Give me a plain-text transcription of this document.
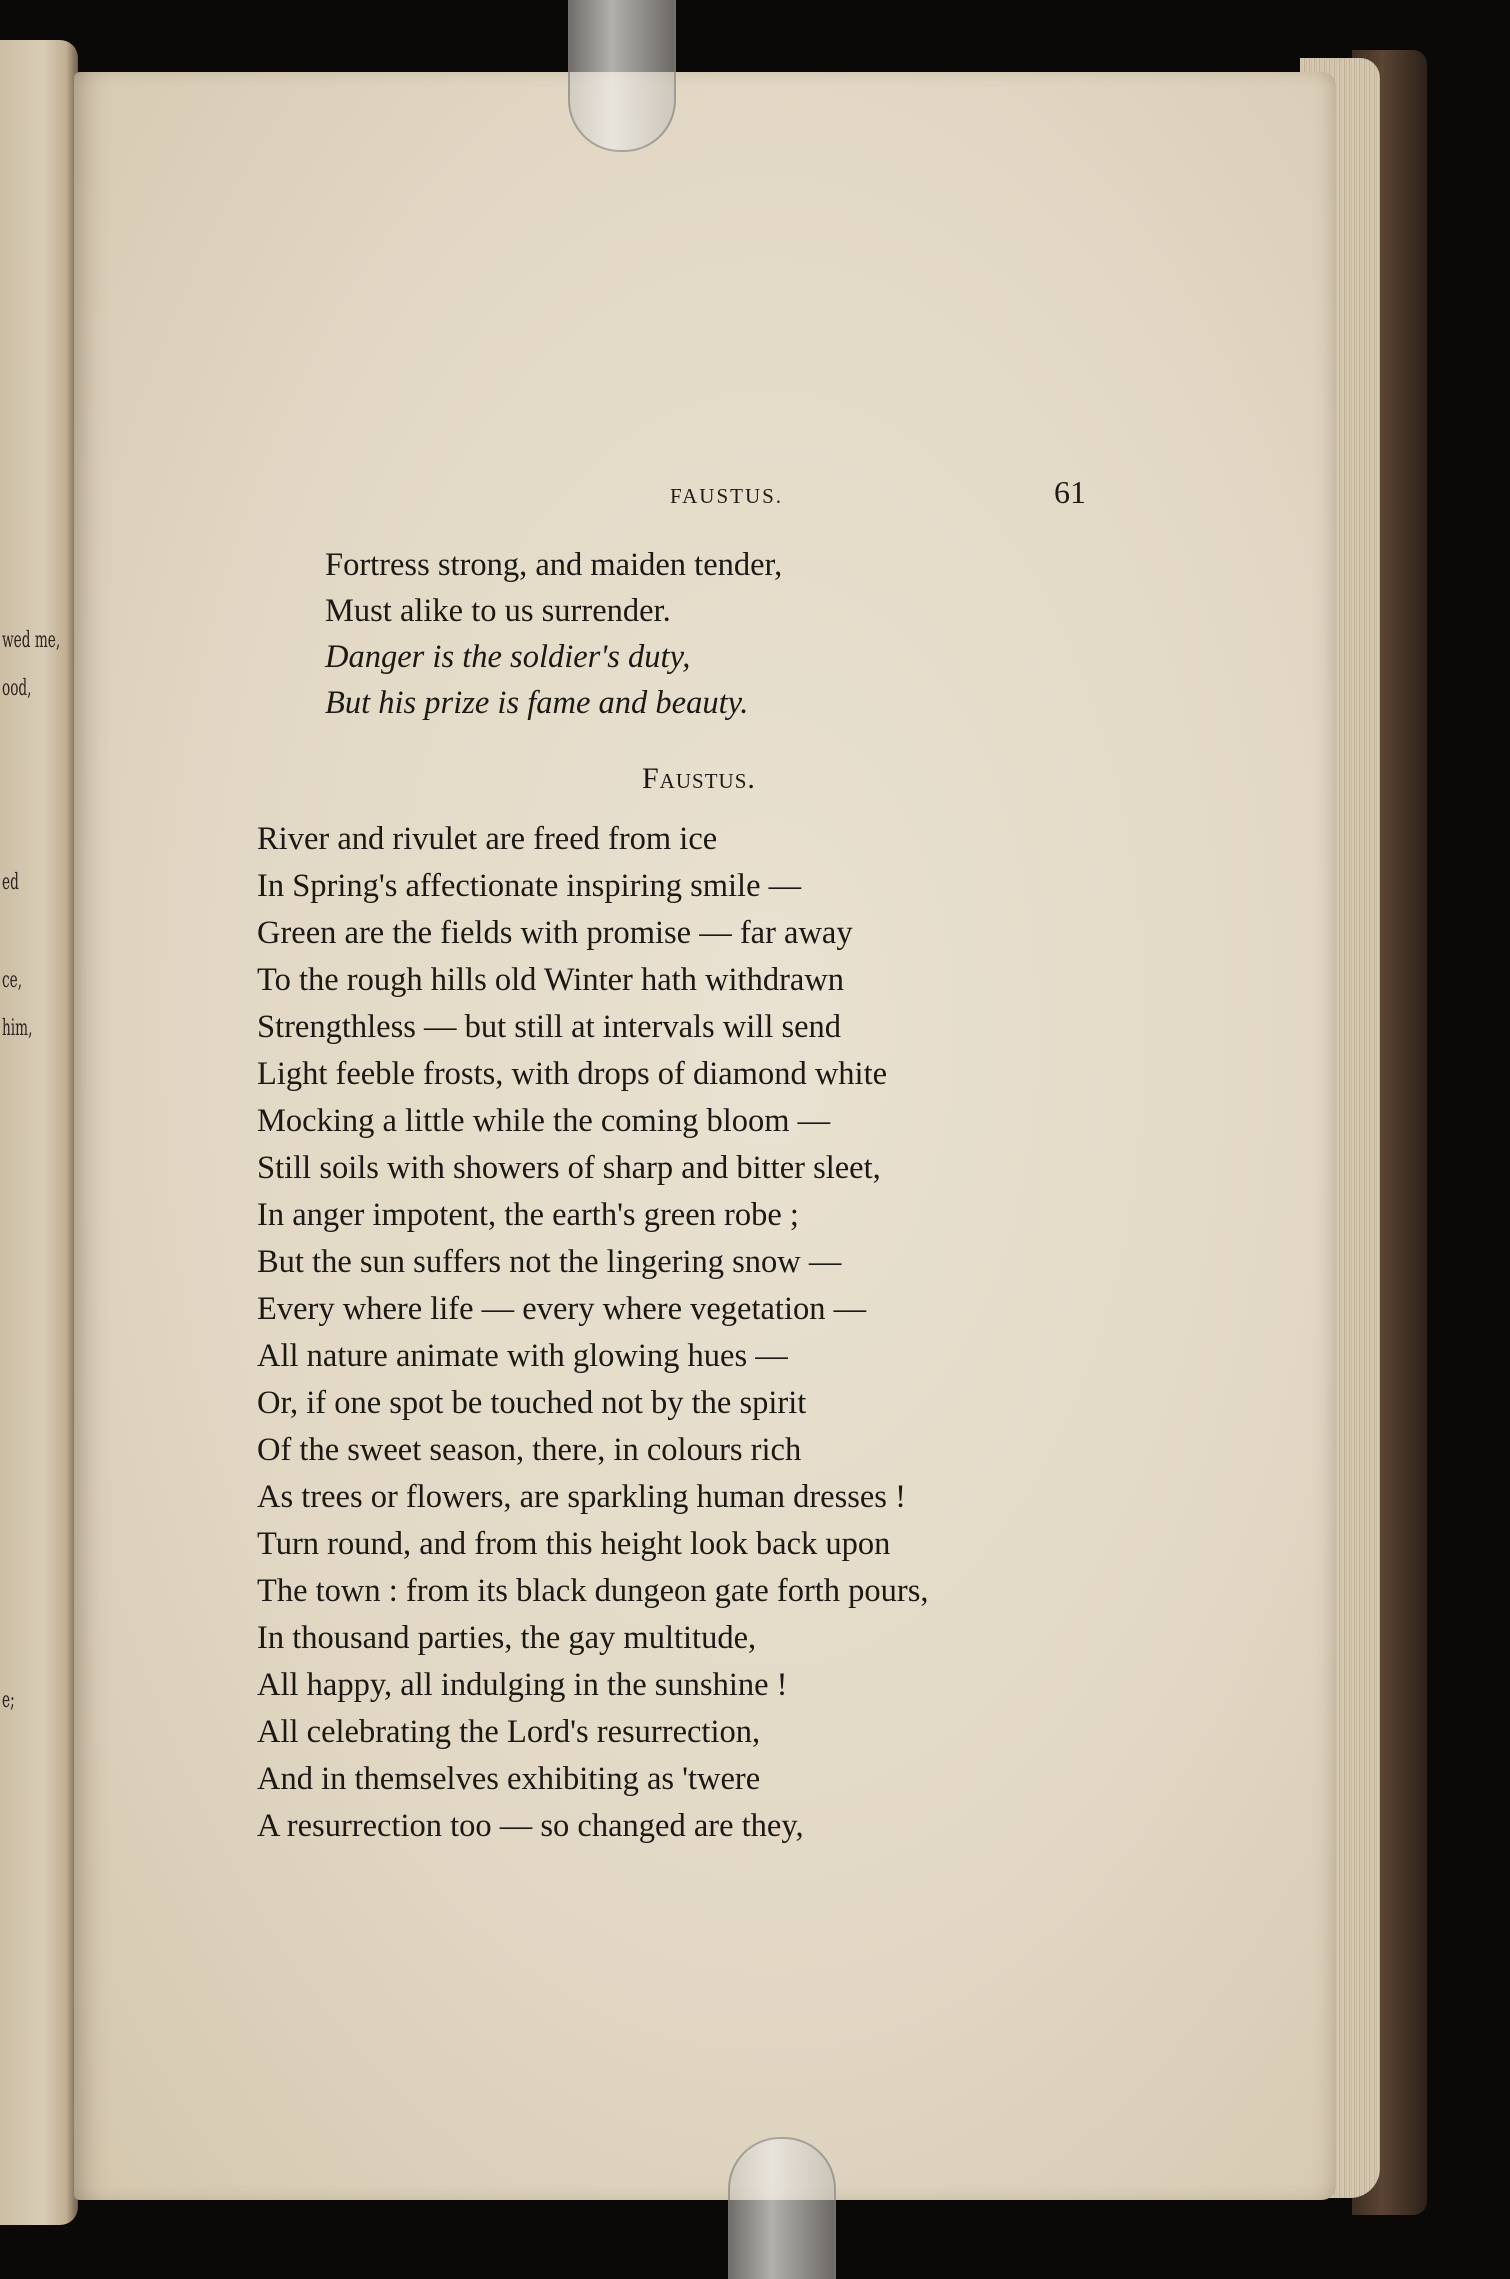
wed me,
ood,
ed
ce,
him,
e;
FAUSTUS.	61
Fortress strong, and maiden tender,
Must alike to us surrender.
Danger is the soldier's duty,
But his prize is fame and beauty.
Faustus.
River and rivulet are freed from ice
In Spring's affectionate inspiring smile —
Green are the fields with promise — far away
To the rough hills old Winter hath withdrawn
Strengthless — but still at intervals will send
Light feeble frosts, with drops of diamond white
Mocking a little while the coming bloom —
Still soils with showers of sharp and bitter sleet,
In anger impotent, the earth's green robe ;
But the sun suffers not the lingering snow —
Every where life — every where vegetation —
All nature animate with glowing hues —
Or, if one spot be touched not by the spirit
Of the sweet season, there, in colours rich
As trees or flowers, are sparkling human dresses !
Turn round, and from this height look back upon
The town : from its black dungeon gate forth pours,
In thousand parties, the gay multitude,
All happy, all indulging in the sunshine !
All celebrating the Lord's resurrection,
And in themselves exhibiting as 'twere
A resurrection too — so changed are they,
